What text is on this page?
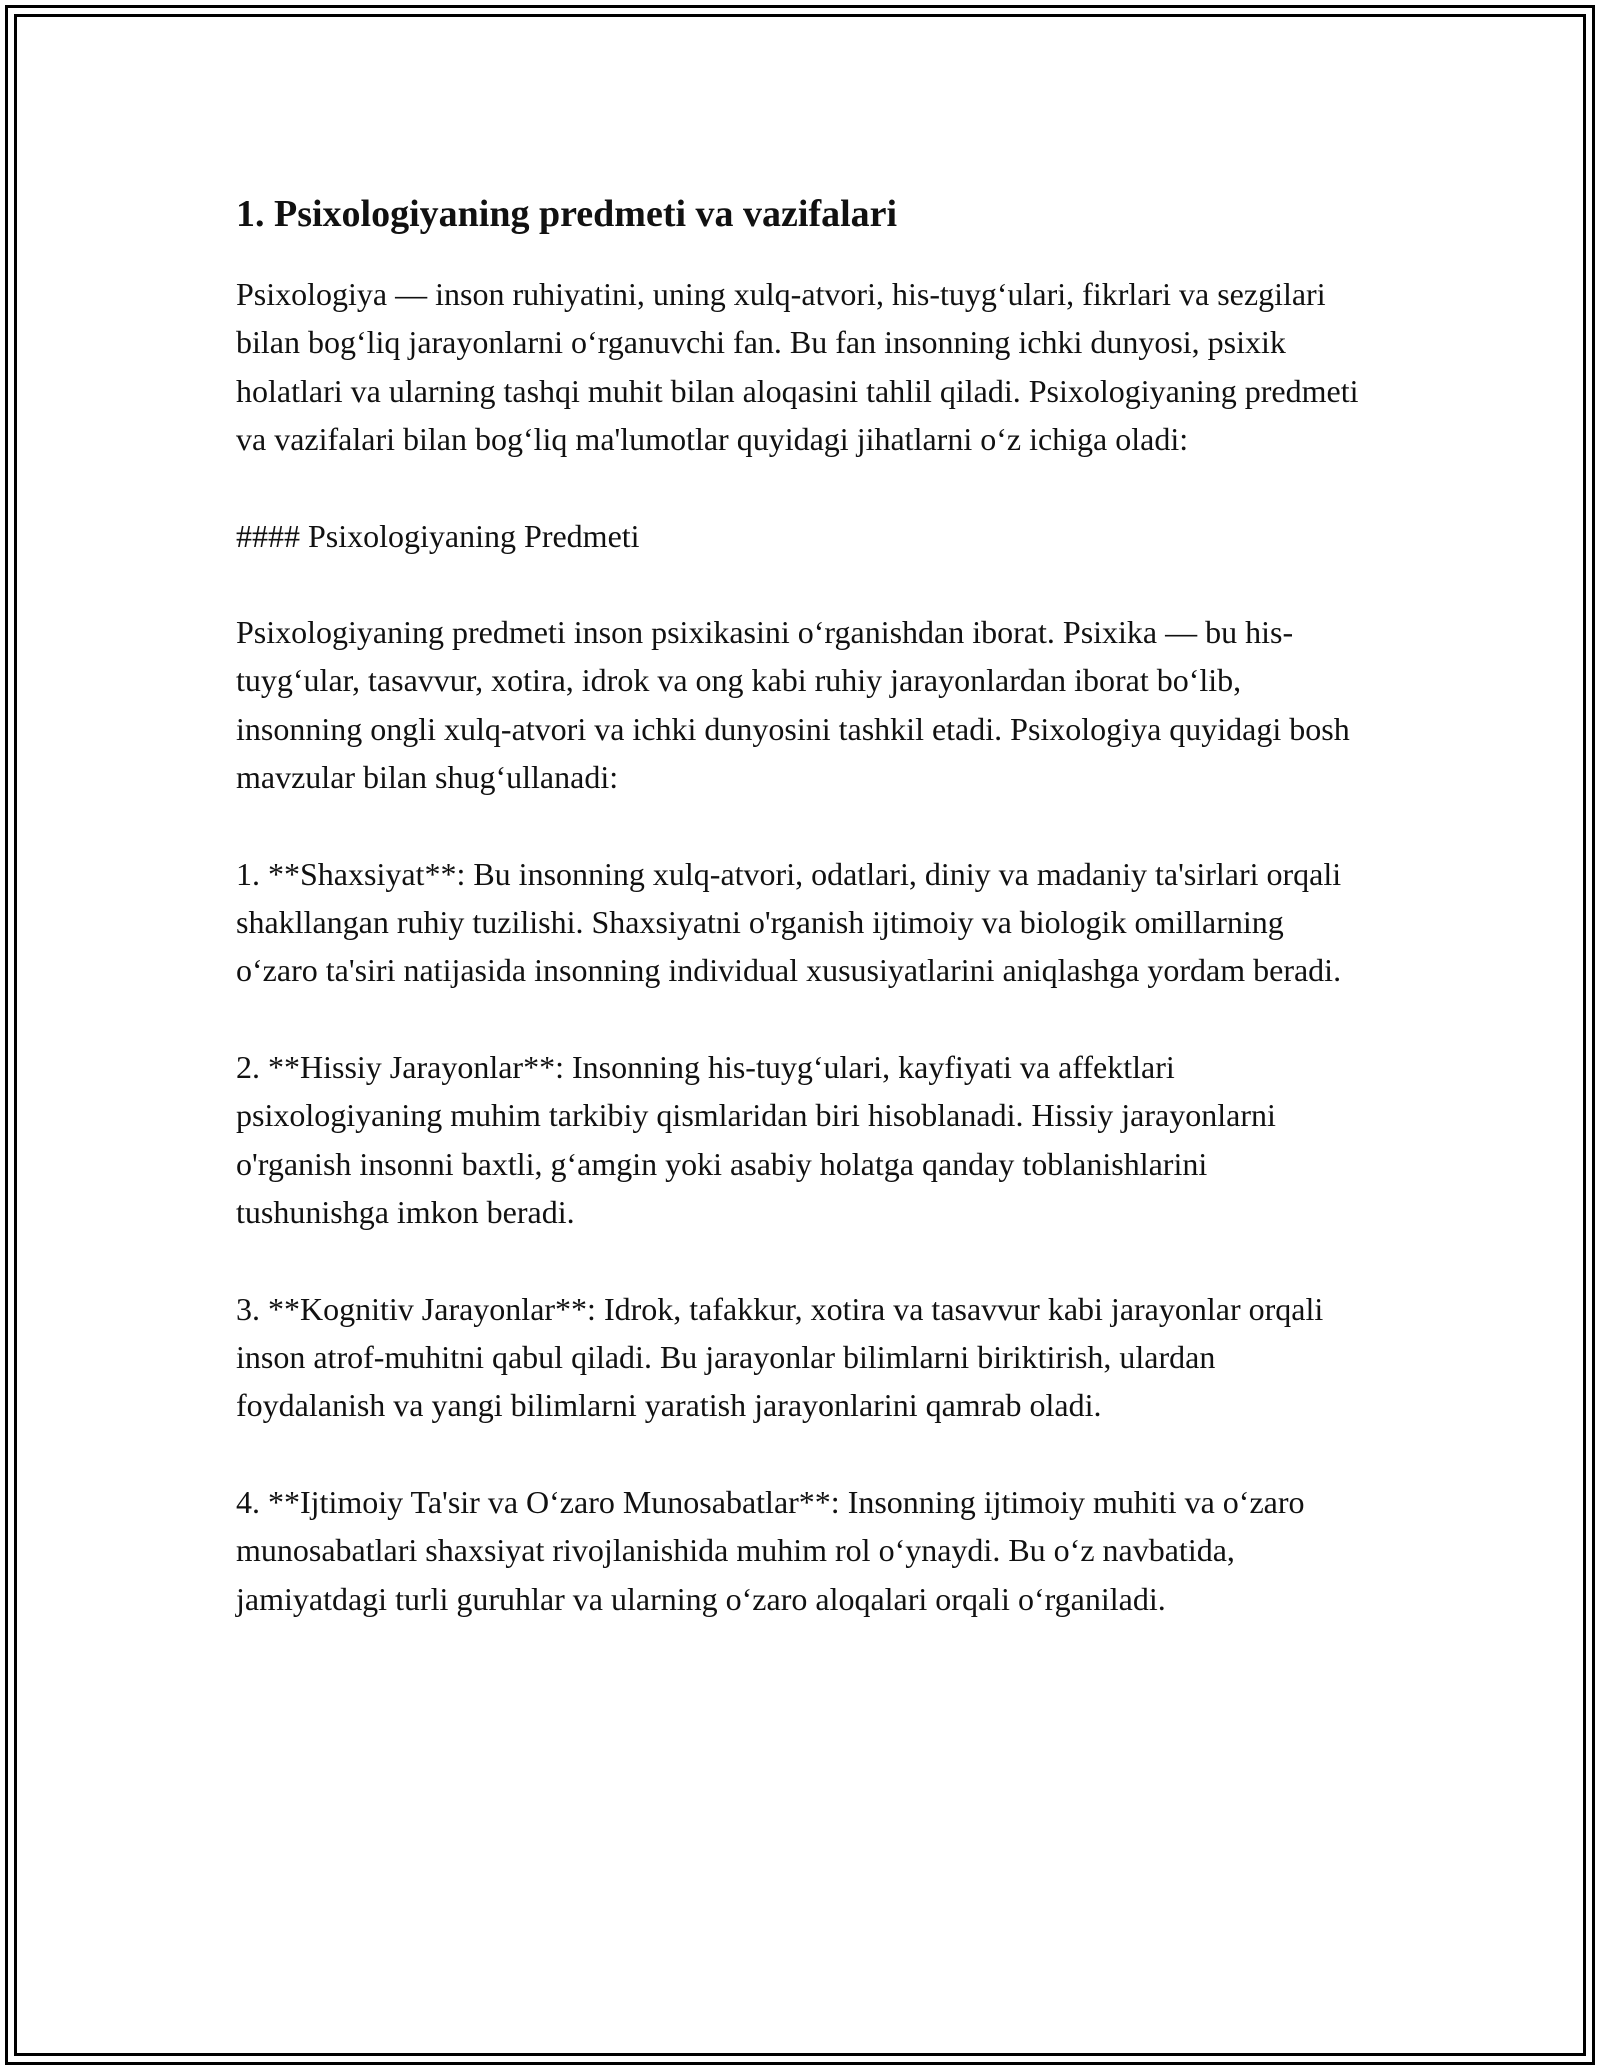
1. Psixologiyaning predmeti va vazifalari

Psixologiya — inson ruhiyatini, uning xulq-atvori, his-tuyg‘ulari, fikrlari va sezgilari bilan bog‘liq jarayonlarni o‘rganuvchi fan. Bu fan insonning ichki dunyosi, psixik holatlari va ularning tashqi muhit bilan aloqasini tahlil qiladi. Psixologiyaning predmeti va vazifalari bilan bog‘liq ma'lumotlar quyidagi jihatlarni o‘z ichiga oladi:

#### Psixologiyaning Predmeti

Psixologiyaning predmeti inson psixikasini o‘rganishdan iborat. Psixika — bu his-tuyg‘ular, tasavvur, xotira, idrok va ong kabi ruhiy jarayonlardan iborat bo‘lib, insonning ongli xulq-atvori va ichki dunyosini tashkil etadi. Psixologiya quyidagi bosh mavzular bilan shug‘ullanadi:

1. **Shaxsiyat**: Bu insonning xulq-atvori, odatlari, diniy va madaniy ta'sirlari orqali shakllangan ruhiy tuzilishi. Shaxsiyatni o'rganish ijtimoiy va biologik omillarning o‘zaro ta'siri natijasida insonning individual xususiyatlarini aniqlashga yordam beradi.

2. **Hissiy Jarayonlar**: Insonning his-tuyg‘ulari, kayfiyati va affektlari psixologiyaning muhim tarkibiy qismlaridan biri hisoblanadi. Hissiy jarayonlarni o'rganish insonni baxtli, g‘amgin yoki asabiy holatga qanday toblanishlarini tushunishga imkon beradi.

3. **Kognitiv Jarayonlar**: Idrok, tafakkur, xotira va tasavvur kabi jarayonlar orqali inson atrof-muhitni qabul qiladi. Bu jarayonlar bilimlarni biriktirish, ulardan foydalanish va yangi bilimlarni yaratish jarayonlarini qamrab oladi.

4. **Ijtimoiy Ta'sir va O‘zaro Munosabatlar**: Insonning ijtimoiy muhiti va o‘zaro munosabatlari shaxsiyat rivojlanishida muhim rol o‘ynaydi. Bu o‘z navbatida, jamiyatdagi turli guruhlar va ularning o‘zaro aloqalari orqali o‘rganiladi.
